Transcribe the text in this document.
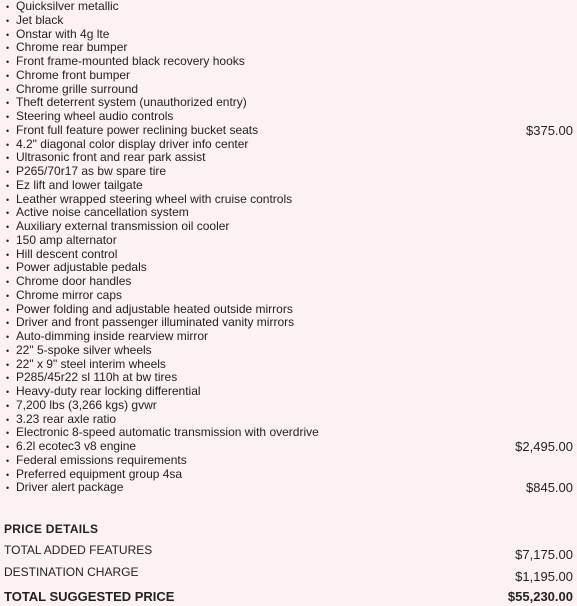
• Quicksilver metallic
• Jet black
• Onstar with 4g lte
• Chrome rear bumper
• Front frame-mounted black recovery hooks
• Chrome front bumper
• Chrome grille surround
• Theft deterrent system (unauthorized entry)
• Steering wheel audio controls
• Front full feature power reclining bucket seats	$375.00
• 4.2" diagonal color display driver info center
• Ultrasonic front and rear park assist
• P265/70r17 as bw spare tire
• Ez lift and lower tailgate
• Leather wrapped steering wheel with cruise controls
• Active noise cancellation system
• Auxiliary external transmission oil cooler
• 150 amp alternator
• Hill descent control
• Power adjustable pedals
• Chrome door handles
• Chrome mirror caps
• Power folding and adjustable heated outside mirrors
• Driver and front passenger illuminated vanity mirrors
• Auto-dimming inside rearview mirror
• 22" 5-spoke silver wheels
• 22" x 9" steel interim wheels
• P285/45r22 sl 110h at bw tires
• Heavy-duty rear locking differential
• 7,200 lbs (3,266 kgs) gvwr
• 3.23 rear axle ratio
• Electronic 8-speed automatic transmission with overdrive
• 6.2l ecotec3 v8 engine	$2,495.00
• Federal emissions requirements
• Preferred equipment group 4sa
• Driver alert package	$845.00
PRICE DETAILS
TOTAL ADDED FEATURES	$7,175.00
DESTINATION CHARGE	$1,195.00
TOTAL SUGGESTED PRICE	$55,230.00
